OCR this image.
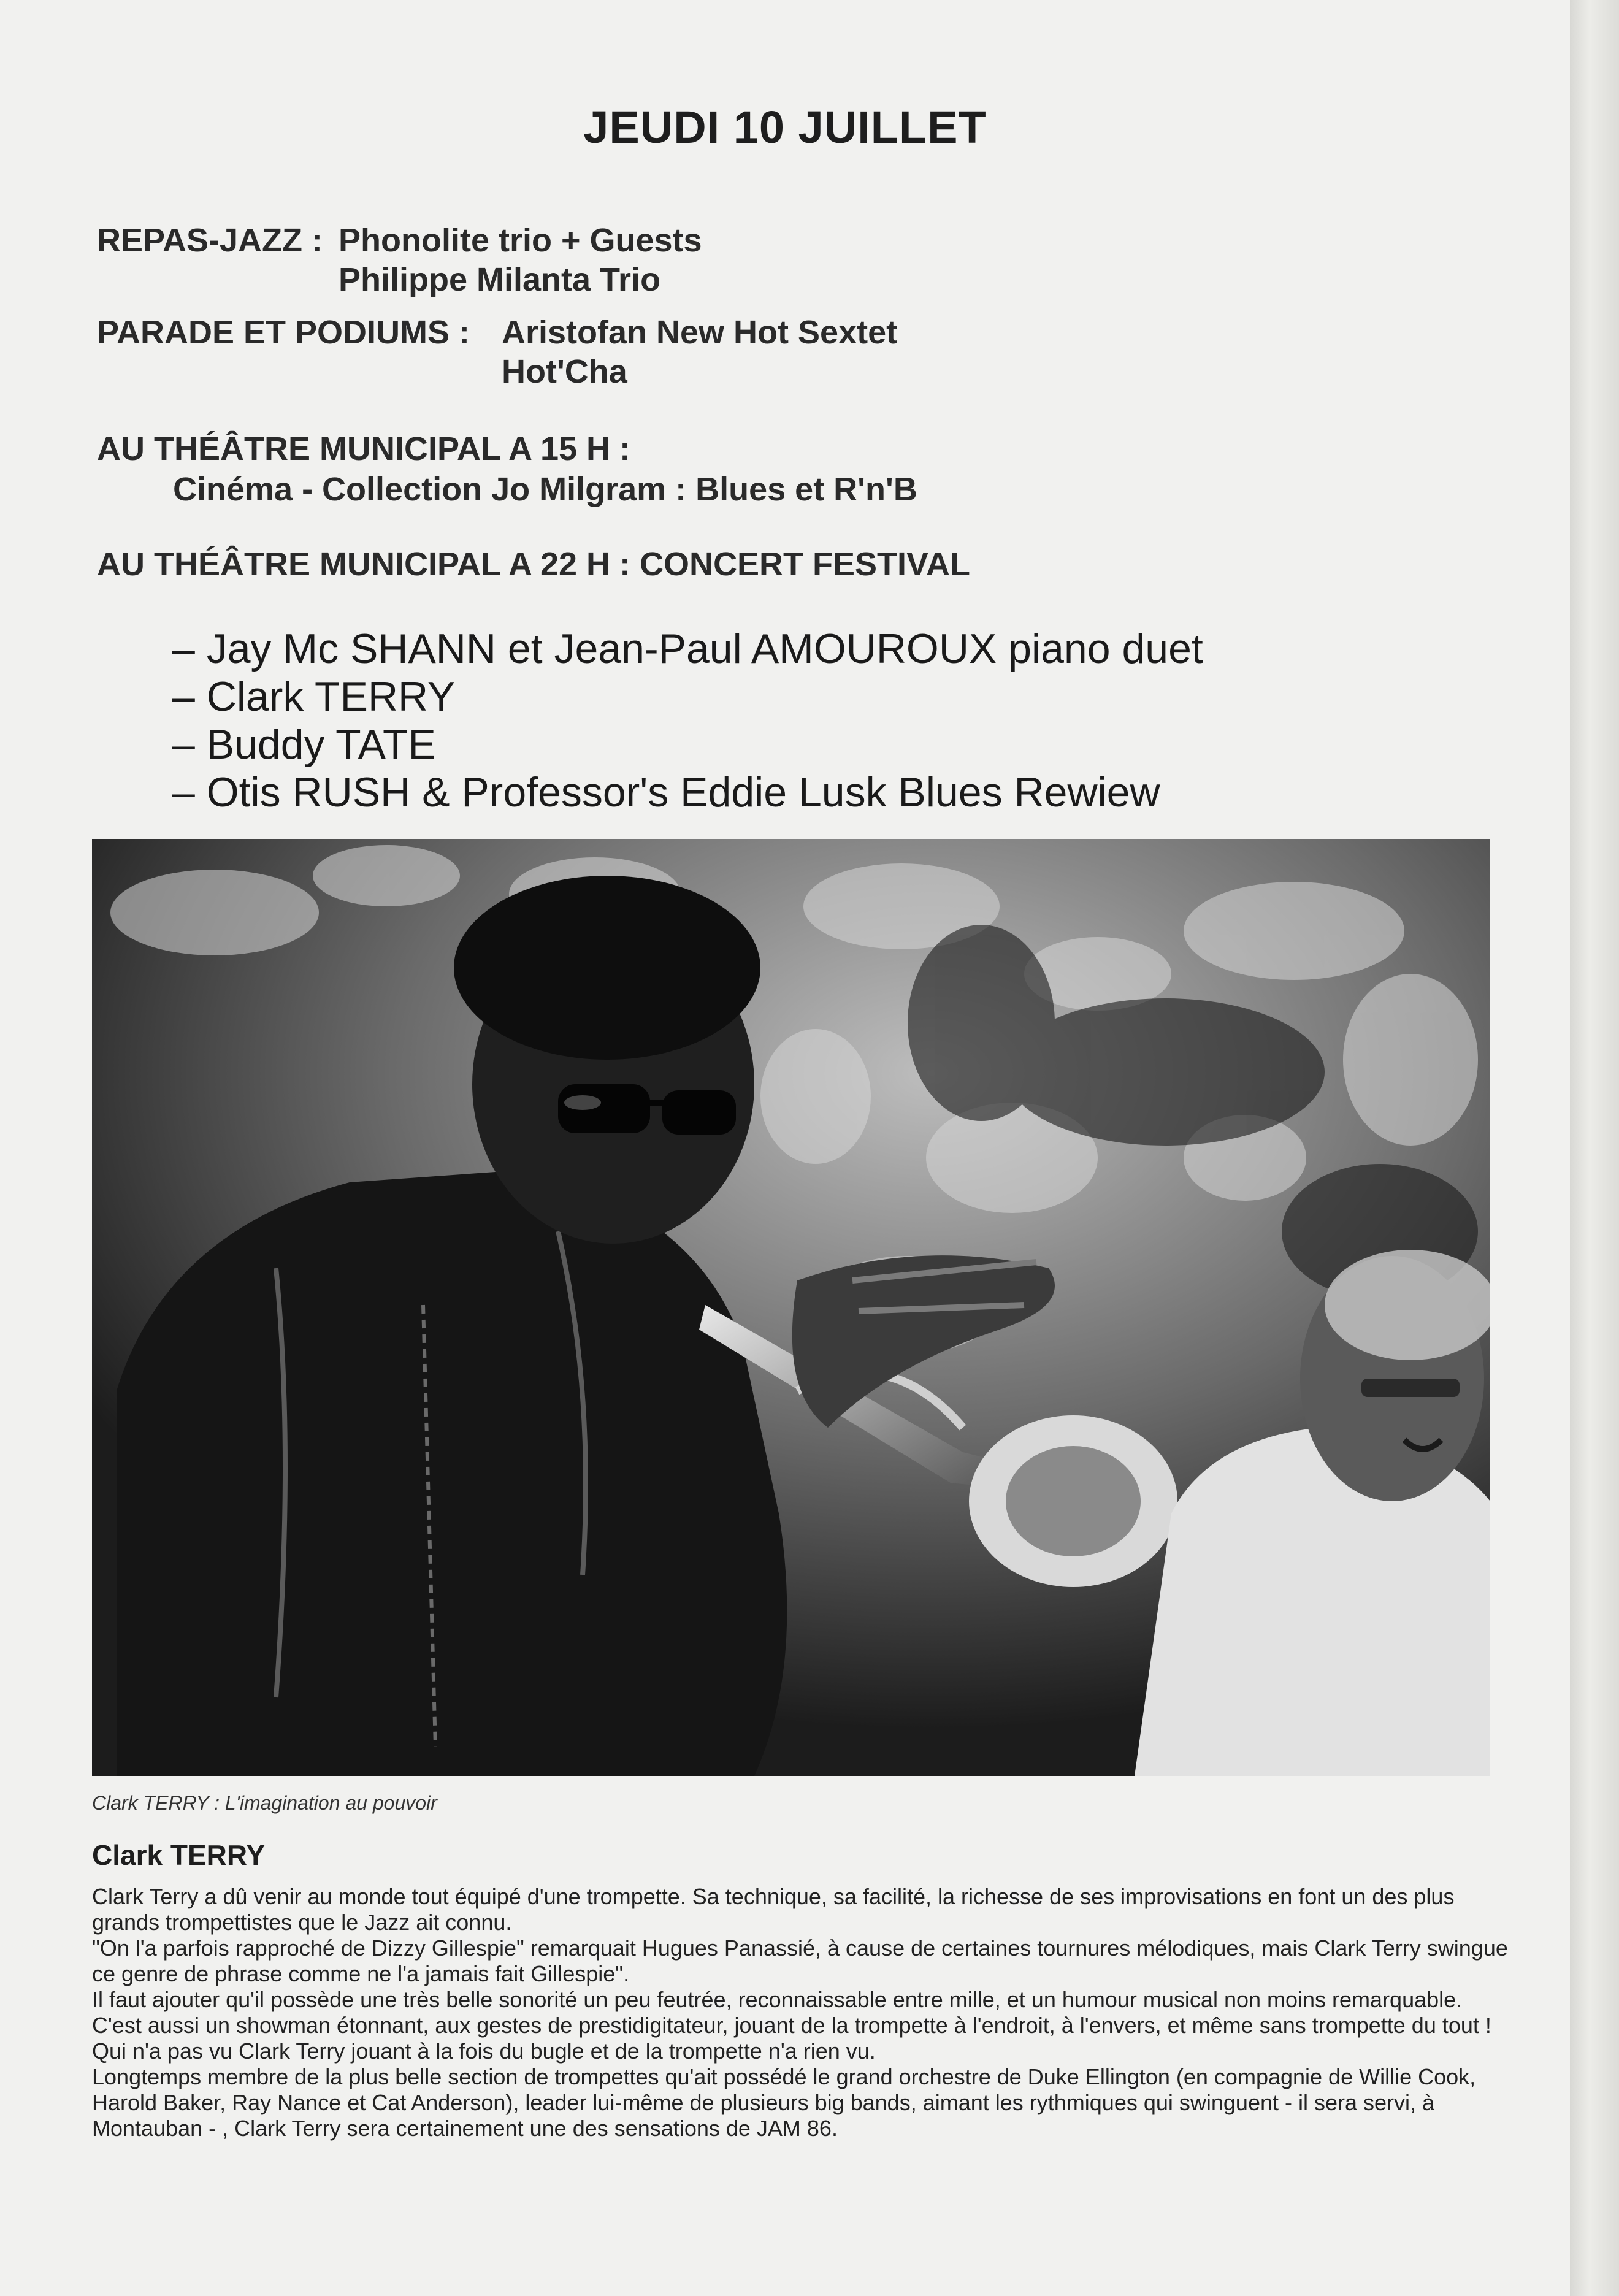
JEUDI 10 JUILLET
REPAS-JAZZ : Phonolite trio + Guests
Philippe Milanta Trio
PARADE ET PODIUMS : Aristofan New Hot Sextet
Hot'Cha
AU THÉÂTRE MUNICIPAL A 15 H :
Cinéma - Collection Jo Milgram : Blues et R'n'B
AU THÉÂTRE MUNICIPAL A 22 H : CONCERT FESTIVAL
– Jay Mc SHANN et Jean-Paul AMOUROUX piano duet
– Clark TERRY
– Buddy TATE
– Otis RUSH & Professor's Eddie Lusk Blues Rewiew
Clark TERRY : L'imagination au pouvoir
Clark TERRY

Clark Terry a dû venir au monde tout équipé d'une trompette. Sa technique, sa facilité, la richesse de ses improvisations en font un des plus grands trompettistes que le Jazz ait connu.

"On l'a parfois rapproché de Dizzy Gillespie" remarquait Hugues Panassié, à cause de certaines tournures mélodiques, mais Clark Terry swingue ce genre de phrase comme ne l'a jamais fait Gillespie".

Il faut ajouter qu'il possède une très belle sonorité un peu feutrée, reconnaissable entre mille, et un humour musical non moins remarquable.

C'est aussi un showman étonnant, aux gestes de prestidigitateur, jouant de la trompette à l'endroit, à l'envers, et même sans trompette du tout ! Qui n'a pas vu Clark Terry jouant à la fois du bugle et de la trompette n'a rien vu.

Longtemps membre de la plus belle section de trompettes qu'ait possédé le grand orchestre de Duke Ellington (en compagnie de Willie Cook, Harold Baker, Ray Nance et Cat Anderson), leader lui-même de plusieurs big bands, aimant les rythmiques qui swinguent - il sera servi, à Montauban - , Clark Terry sera certainement une des sensations de JAM 86.
